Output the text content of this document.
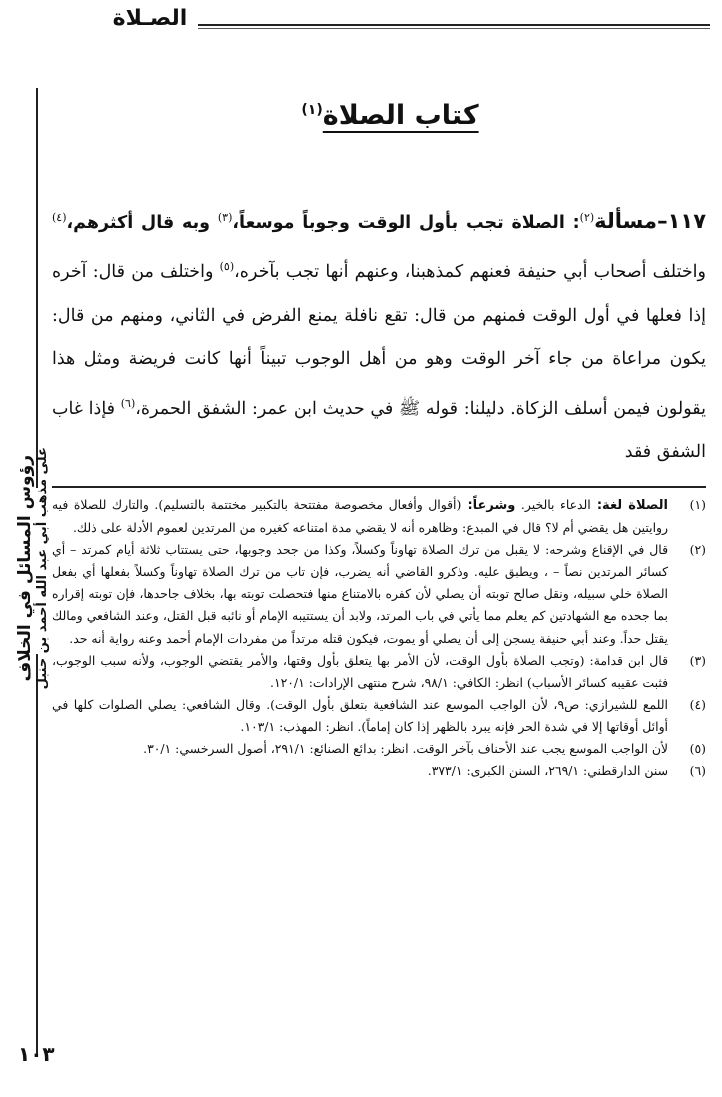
الصـلاة
رؤوس المسائل في الخلاف على مذهب أبي عبد الله أحمد بن حنبل
كتاب الصلاة$^{(١)}$

١١٧–مسألة$^{(٢)}$: الصلاة تجب بأول الوقت وجوباً موسعاً،$^{(٣)}$ وبه قال أكثرهم،$^{(٤)}$ واختلف أصحاب أبي حنيفة فعنهم كمذهبنا، وعنهم أنها تجب بآخره،$^{(٥)}$ واختلف من قال: آخره إذا فعلها في أول الوقت فمنهم من قال: تقع نافلة يمنع الفرض في الثاني، ومنهم من قال: يكون مراعاة من جاء آخر الوقت وهو من أهل الوجوب تبيناً أنها كانت فريضة ومثل هذا يقولون فيمن أسلف الزكاة. دليلنا: قوله ﷺ في حديث ابن عمر: الشفق الحمرة،$^{(٦)}$ فإذا غاب الشفق فقد

(١)
الصلاة لغة: الدعاء بالخير. وشرعاً: (أقوال وأفعال مخصوصة مفتتحة بالتكبير مختتمة بالتسليم). والتارك للصلاة فيه روايتين هل يقضي أم لا؟ قال في المبدع: وظاهره أنه لا يقضي مدة امتناعه كغيره من المرتدين لعموم الأدلة على ذلك.
(٢)
قال في الإقناع وشرحه: لا يقبل من ترك الصلاة تهاوناً وكسلاً، وكذا من جحد وجوبها، حتى يستتاب ثلاثة أيام كمرتد – أي كسائر المرتدين نصاً – ، ويطبق عليه. وذكرو القاضي أنه يضرب، فإن تاب من ترك الصلاة تهاوناً وكسلاً بفعلها أي بفعل الصلاة خلي سبيله، ونقل صالح توبته أن يصلي لأن كفره بالامتناع منها فتحصلت توبته بها، بخلاف جاحدها، فإن توبته إقراره بما جحده مع الشهادتين كم يعلم مما يأتي في باب المرتد، ولابد أن يستتيبه الإمام أو نائبه قبل القتل، وعند الشافعي ومالك يقتل حداً. وعند أبي حنيفة يسجن إلى أن يصلي أو يموت، فيكون قتله مرتداً من مفردات الإمام أحمد وعنه رواية أنه حد.
(٣)
قال ابن قدامة: (وتجب الصلاة بأول الوقت، لأن الأمر بها يتعلق بأول وقتها، والأمر يقتضي الوجوب، ولأنه سبب الوجوب، فثبت عقيبه كسائر الأسباب) انظر: الكافي: ٩٨/١، شرح منتهى الإرادات: ١٢٠/١.
(٤)
اللمع للشيرازي: ص٩، لأن الواجب الموسع عند الشافعية بتعلق بأول الوقت). وقال الشافعي: يصلي الصلوات كلها في أوائل أوقاتها إلا في شدة الحر فإنه يبرد بالظهر إذا كان إماماً). انظر: المهذب: ١٠٣/١.
(٥)
لأن الواجب الموسع يجب عند الأحناف بآخر الوقت. انظر: بدائع الصنائع: ٢٩١/١، أصول السرخسي: ٣٠/١.
(٦)
سنن الدارقطني: ٢٦٩/١، السنن الكبرى: ٣٧٣/١.
١٠٣
